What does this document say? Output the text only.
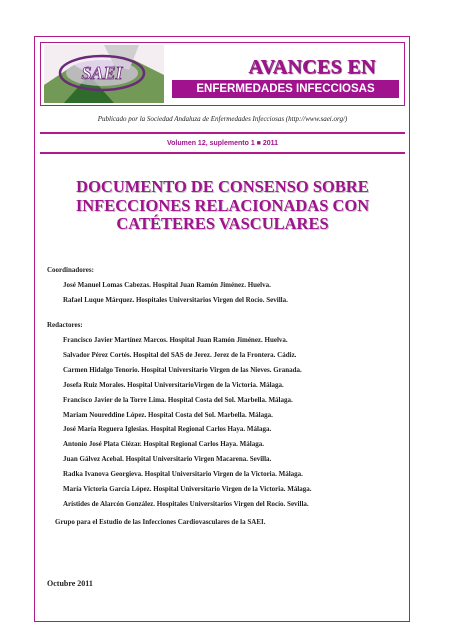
SAEI	AVANCES EN
ENFERMEDADES INFECCIOSAS
Publicado por la Sociedad Andaluza de Enfermedades Infecciosas (http://www.saei.org/)
Volumen 12, suplemento 1 ■ 2011
DOCUMENTO DE CONSENSO SOBRE
INFECCIONES RELACIONADAS CON
CATÉTERES VASCULARES
Coordinadores:
José Manuel Lomas Cabezas. Hospital Juan Ramón Jiménez. Huelva.
Rafael Luque Márquez. Hospitales Universitarios Virgen del Rocío. Sevilla.
Redactores:
Francisco Javier Martínez Marcos. Hospital Juan Ramón Jiménez. Huelva.
Salvador Pérez Cortés. Hospital del SAS de Jerez. Jerez de la Frontera. Cádiz.
Carmen Hidalgo Tenorio. Hospital Universitario Virgen de las Nieves. Granada.
Josefa Ruiz Morales. Hospital UniversitarioVirgen de la Victoria. Málaga.
Francisco Javier de la Torre Lima. Hospital Costa del Sol. Marbella. Málaga.
Mariam Noureddine López. Hospital Costa del Sol. Marbella. Málaga.
José María Reguera Iglesias. Hospital Regional Carlos Haya. Málaga.
Antonio José Plata Ciézar. Hospital Regional Carlos Haya. Málaga.
Juan Gálvez Acebal. Hospital Universitario Virgen Macarena. Sevilla.
Radka Ivanova Georgieva. Hospital Universitario Virgen de la Victoria. Málaga.
María Victoria García López. Hospital Universitario Virgen de la Victoria. Málaga.
Arístides de Alarcón González. Hospitales Universitarios Virgen del Rocío. Sevilla.
Grupo para el Estudio de las Infecciones Cardiovasculares de la SAEI.
Octubre 2011
